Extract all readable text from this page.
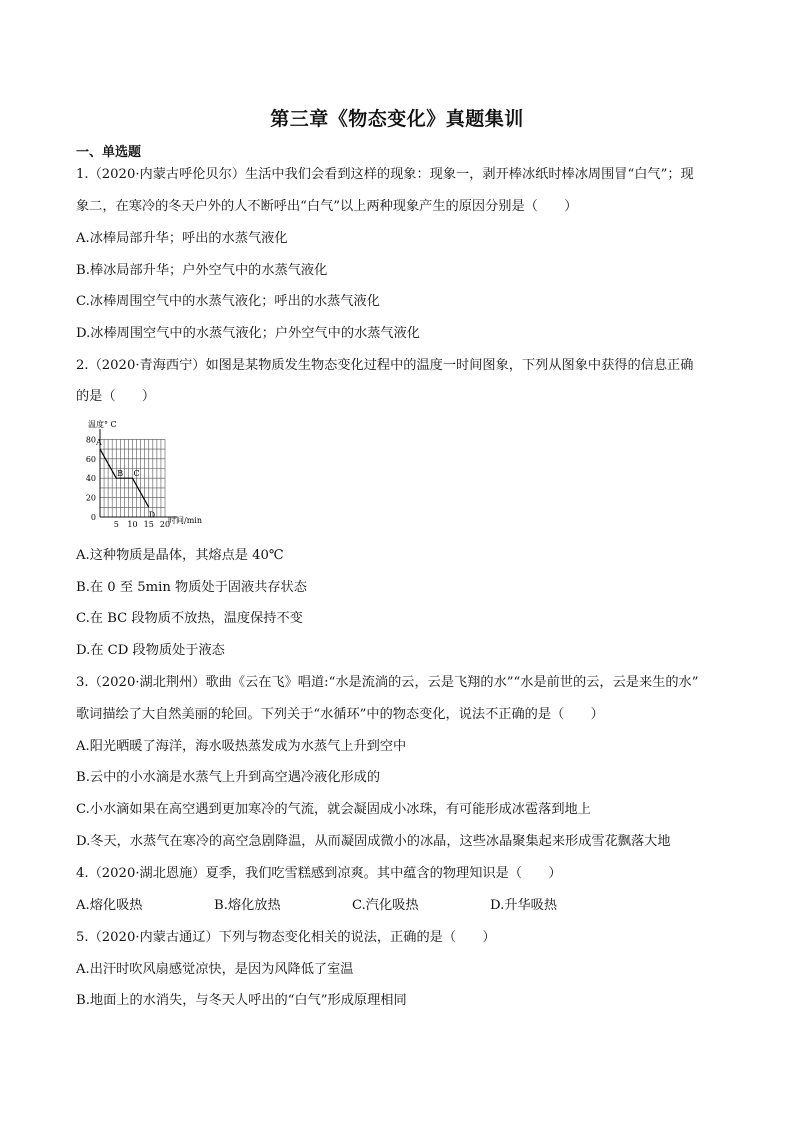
第三章《物态变化》真题集训
一、单选题
1.（2020·内蒙古呼伦贝尔）生活中我们会看到这样的现象：现象一，剥开棒冰纸时棒冰周围冒“白气”；现
象二，在寒冷的冬天户外的人不断呼出“白气”以上两种现象产生的原因分别是（　　）
A.冰棒局部升华；呼出的水蒸气液化
B.棒冰局部升华；户外空气中的水蒸气液化
C.冰棒周围空气中的水蒸气液化；呼出的水蒸气液化
D.冰棒周围空气中的水蒸气液化；户外空气中的水蒸气液化
2.（2020·青海西宁）如图是某物质发生物态变化过程中的温度一时间图象，下列从图象中获得的信息正确
的是（　　）
温度° C
时间/min
5 10 15 20
0
20
40
60
80 A
B C
D
A.这种物质是晶体，其熔点是 40℃
B.在 0 至 5min 物质处于固液共存状态
C.在 BC 段物质不放热，温度保持不变
D.在 CD 段物质处于液态
3.（2020·湖北荆州）歌曲《云在飞》唱道:“水是流淌的云，云是飞翔的水”“水是前世的云，云是来生的水”
歌词描绘了大自然美丽的轮回。下列关于“水循环”中的物态变化，说法不正确的是（　　）
A.阳光晒暖了海洋，海水吸热蒸发成为水蒸气上升到空中
B.云中的小水滴是水蒸气上升到高空遇冷液化形成的
C.小水滴如果在高空遇到更加寒冷的气流，就会凝固成小冰珠，有可能形成冰雹落到地上
D.冬天，水蒸气在寒冷的高空急剧降温，从而凝固成微小的冰晶，这些冰晶聚集起来形成雪花飘落大地
4.（2020·湖北恩施）夏季，我们吃雪糕感到凉爽。其中蕴含的物理知识是（　　）
A.熔化吸热	B.熔化放热	C.汽化吸热	D.升华吸热
5.（2020·内蒙古通辽）下列与物态变化相关的说法，正确的是（　　）
A.出汗时吹风扇感觉凉快，是因为风降低了室温
B.地面上的水消失，与冬天人呼出的“白气”形成原理相同
